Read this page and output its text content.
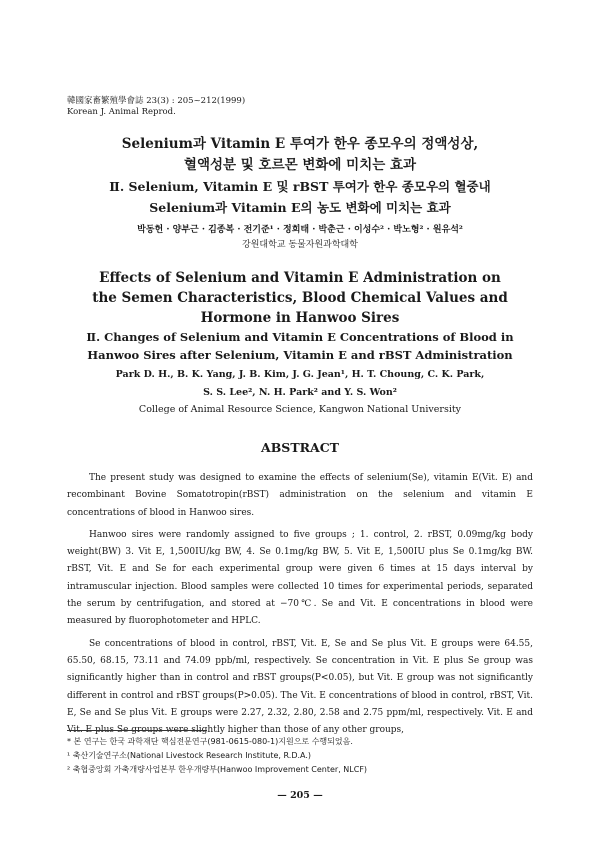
韓國家畜繁殖學會誌 23(3) : 205~212(1999)
Korean J. Animal Reprod.
Selenium과 Vitamin E 투여가 한우 종모우의 정액성상,
혈액성분 및 호르몬 변화에 미치는 효과
Ⅱ. Selenium, Vitamin E 및 rBST 투여가 한우 종모우의 혈중내
Selenium과 Vitamin E의 농도 변화에 미치는 효과
박동헌 · 양부근 · 김종복 · 전기준¹ · 정희태 · 박춘근 · 이성수² · 박노형² · 원유석²
강원대학교 동물자원과학대학
Effects of Selenium and Vitamin E Administration on
the Semen Characteristics, Blood Chemical Values and
Hormone in Hanwoo Sires
Ⅱ. Changes of Selenium and Vitamin E Concentrations of Blood in
Hanwoo Sires after Selenium, Vitamin E and rBST Administration
Park D. H., B. K. Yang, J. B. Kim, J. G. Jean¹, H. T. Choung, C. K. Park,
S. S. Lee², N. H. Park² and Y. S. Won²
College of Animal Resource Science, Kangwon National University
ABSTRACT

The present study was designed to examine the effects of selenium(Se), vitamin E(Vit. E) and recombinant Bovine Somatotropin(rBST) administration on the selenium and vitamin E concentrations of blood in Hanwoo sires.

Hanwoo sires were randomly assigned to five groups ; 1. control, 2. rBST, 0.09mg/kg body weight(BW) 3. Vit E, 1,500IU/kg BW, 4. Se 0.1mg/kg BW, 5. Vit E, 1,500IU plus Se 0.1mg/kg BW. rBST, Vit. E and Se for each experimental group were given 6 times at 15 days interval by intramuscular injection. Blood samples were collected 10 times for experimental periods, separated the serum by centrifugation, and stored at −70℃. Se and Vit. E concentrations in blood were measured by fluorophotometer and HPLC.

Se concentrations of blood in control, rBST, Vit. E, Se and Se plus Vit. E groups were 64.55, 65.50, 68.15, 73.11 and 74.09 ppb/ml, respectively. Se concentration in Vit. E plus Se group was significantly higher than in control and rBST groups(P<0.05), but Vit. E group was not significantly different in control and rBST groups(P>0.05). The Vit. E concentrations of blood in control, rBST, Vit. E, Se and Se plus Vit. E groups were 2.27, 2.32, 2.80, 2.58 and 2.75 ppm/ml, respectively. Vit. E and Vit. E plus Se groups were slightly higher than those of any other groups,

* 본 연구는 한국 과학재단 핵심전문연구(981-0615-080-1)지원으로 수행되었음.
¹ 축산기술연구소(National Livestock Research Institute, R.D.A.)
² 축협중앙회 가축개량사업본부 한우개량부(Hanwoo Improvement Center, NLCF)
— 205 —
